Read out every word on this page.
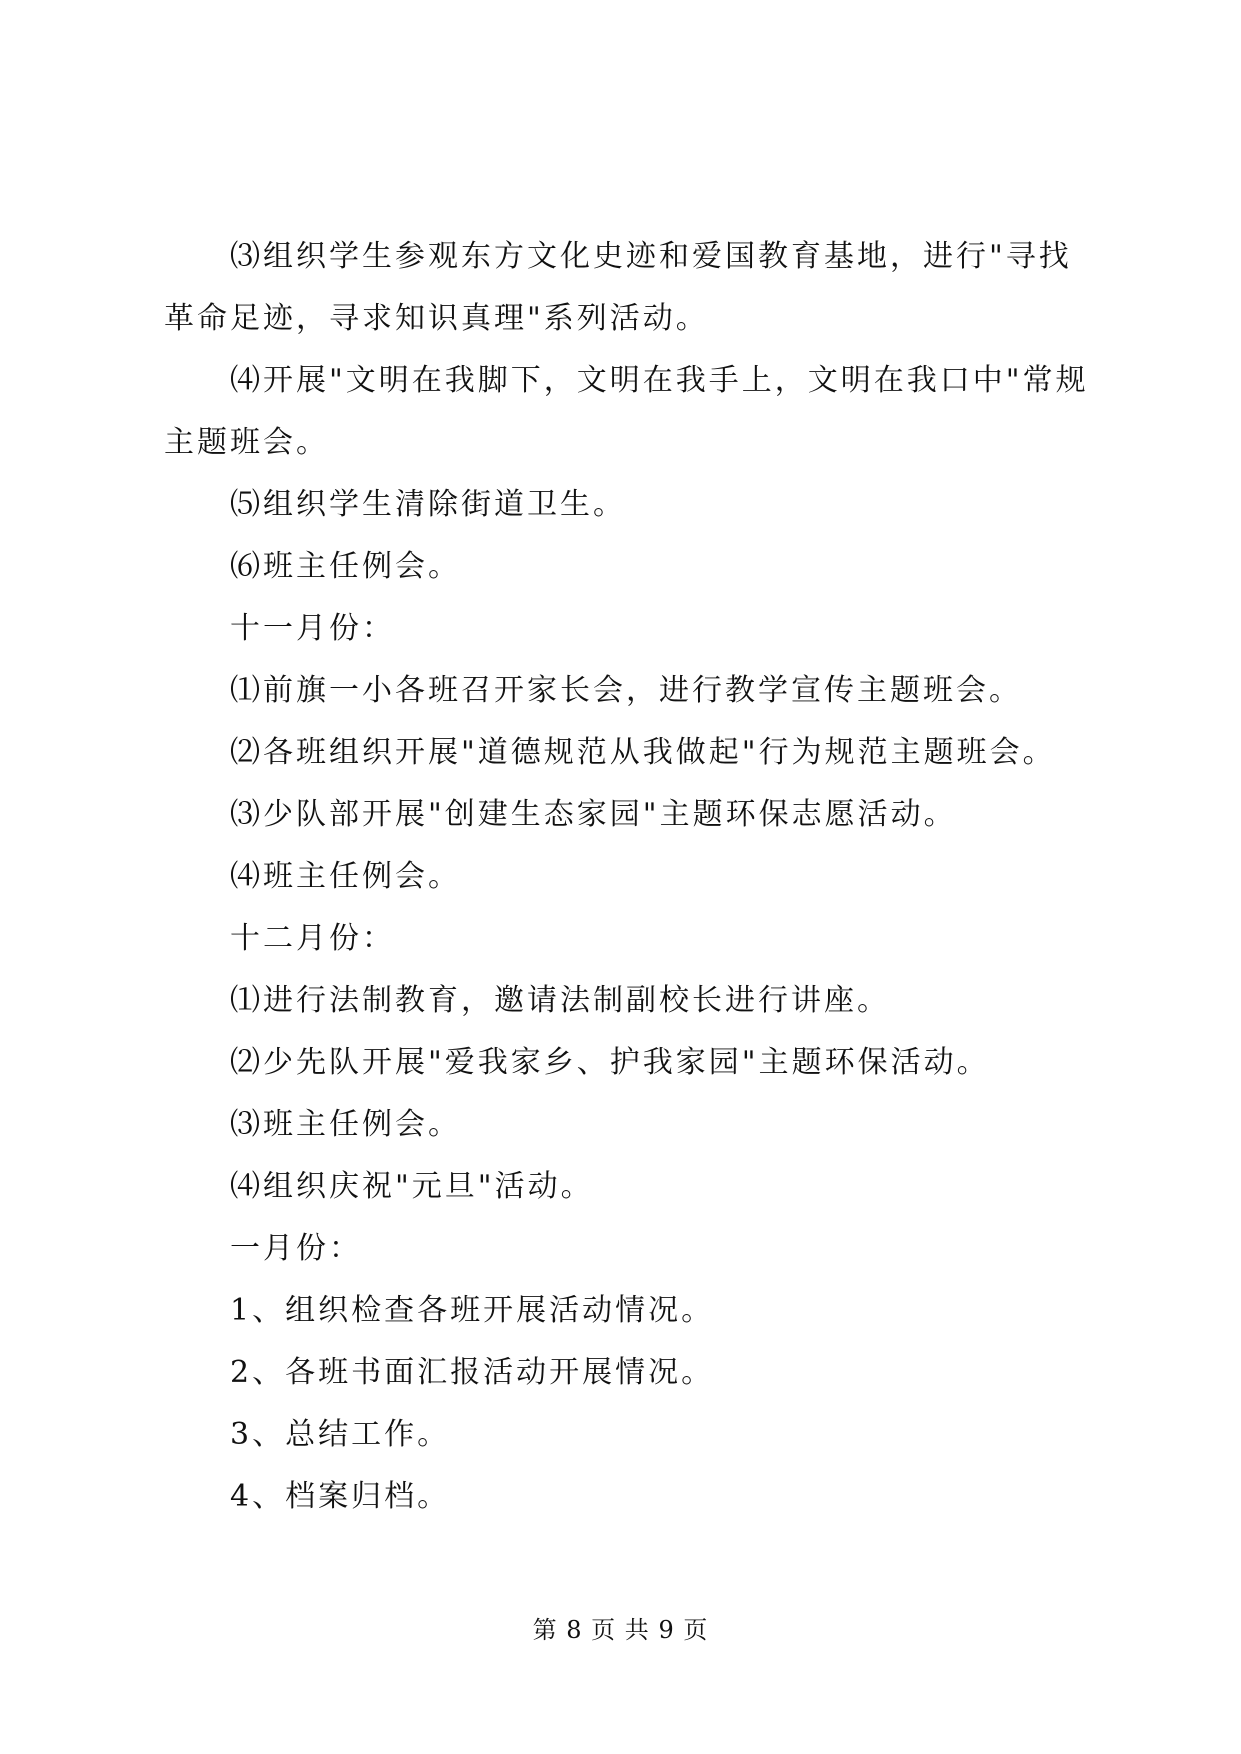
⑶组织学生参观东方文化史迹和爱国教育基地，进行"寻找
革命足迹，寻求知识真理"系列活动。
⑷开展"文明在我脚下，文明在我手上，文明在我口中"常规
主题班会。
⑸组织学生清除街道卫生。
⑹班主任例会。
十一月份：
⑴前旗一小各班召开家长会，进行教学宣传主题班会。
⑵各班组织开展"道德规范从我做起"行为规范主题班会。
⑶少队部开展"创建生态家园"主题环保志愿活动。
⑷班主任例会。
十二月份：
⑴进行法制教育，邀请法制副校长进行讲座。
⑵少先队开展"爱我家乡、护我家园"主题环保活动。
⑶班主任例会。
⑷组织庆祝"元旦"活动。
一月份：
1、组织检查各班开展活动情况。
2、各班书面汇报活动开展情况。
3、总结工作。
4、档案归档。
第 8 页 共 9 页
